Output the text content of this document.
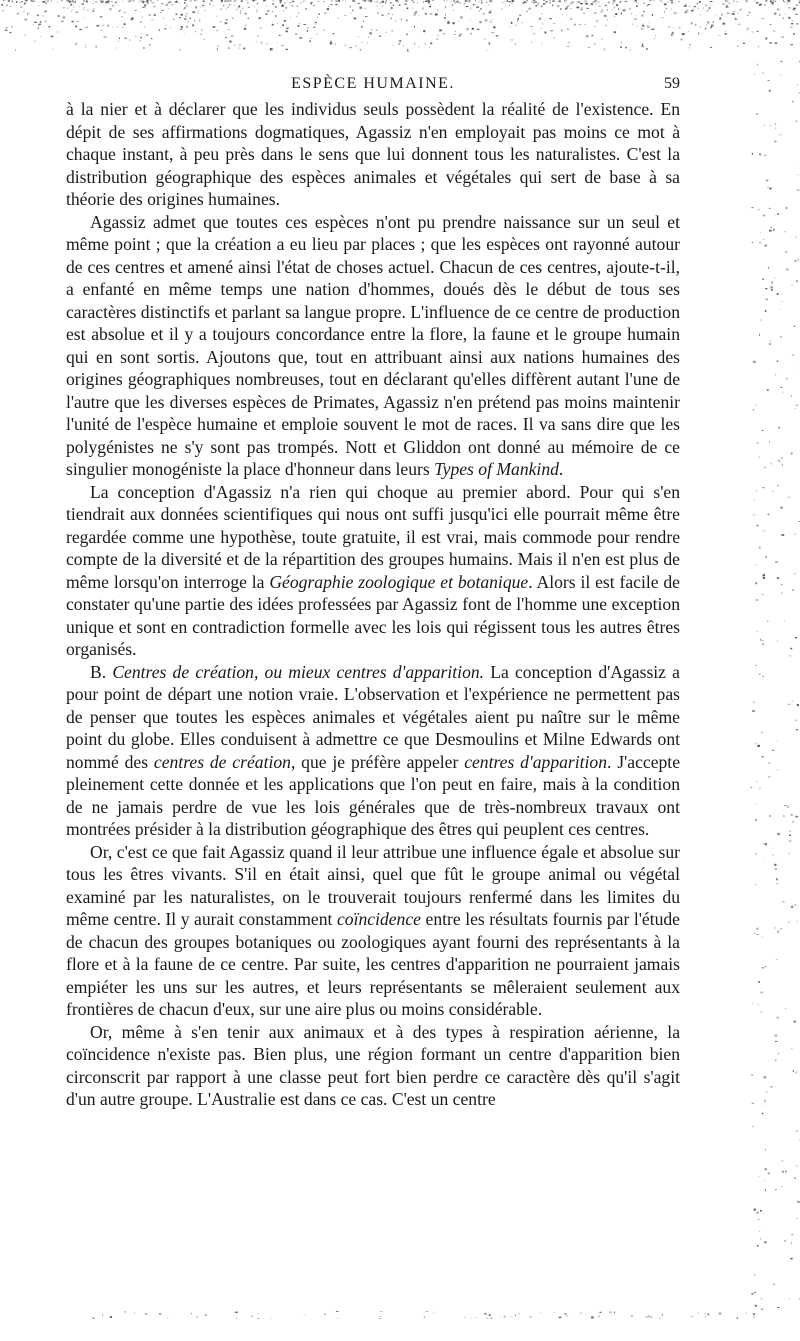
ESPÈCE HUMAINE.	59

à la nier et à déclarer que les individus seuls possèdent la réalité de l'existence. En dépit de ses affirmations dogmatiques, Agassiz n'en employait pas moins ce mot à chaque instant, à peu près dans le sens que lui donnent tous les naturalistes. C'est la distribution géographique des espèces animales et végétales qui sert de base à sa théorie des origines humaines.

Agassiz admet que toutes ces espèces n'ont pu prendre naissance sur un seul et même point ; que la création a eu lieu par places ; que les espèces ont rayonné autour de ces centres et amené ainsi l'état de choses actuel. Chacun de ces centres, ajoute-t-il, a enfanté en même temps une nation d'hommes, doués dès le début de tous ses caractères distinctifs et parlant sa langue propre. L'influence de ce centre de production est absolue et il y a toujours concordance entre la flore, la faune et le groupe humain qui en sont sortis. Ajoutons que, tout en attribuant ainsi aux nations humaines des origines géographiques nombreuses, tout en déclarant qu'elles diffèrent autant l'une de l'autre que les diverses espèces de Primates, Agassiz n'en prétend pas moins maintenir l'unité de l'espèce humaine et emploie souvent le mot de races. Il va sans dire que les polygénistes ne s'y sont pas trompés. Nott et Gliddon ont donné au mémoire de ce singulier monogéniste la place d'honneur dans leurs Types of Mankind.

La conception d'Agassiz n'a rien qui choque au premier abord. Pour qui s'en tiendrait aux données scientifiques qui nous ont suffi jusqu'ici elle pourrait même être regardée comme une hypothèse, toute gratuite, il est vrai, mais commode pour rendre compte de la diversité et de la répartition des groupes humains. Mais il n'en est plus de même lorsqu'on interroge la Géographie zoologique et botanique. Alors il est facile de constater qu'une partie des idées professées par Agassiz font de l'homme une exception unique et sont en contradiction formelle avec les lois qui régissent tous les autres êtres organisés.

B. Centres de création, ou mieux centres d'apparition. La conception d'Agassiz a pour point de départ une notion vraie. L'observation et l'expérience ne permettent pas de penser que toutes les espèces animales et végétales aient pu naître sur le même point du globe. Elles conduisent à admettre ce que Desmoulins et Milne Edwards ont nommé des centres de création, que je préfère appeler centres d'apparition. J'accepte pleinement cette donnée et les applications que l'on peut en faire, mais à la condition de ne jamais perdre de vue les lois générales que de très-nombreux travaux ont montrées présider à la distribution géographique des êtres qui peuplent ces centres.

Or, c'est ce que fait Agassiz quand il leur attribue une influence égale et absolue sur tous les êtres vivants. S'il en était ainsi, quel que fût le groupe animal ou végétal examiné par les naturalistes, on le trouverait toujours renfermé dans les limites du même centre. Il y aurait constamment coïncidence entre les résultats fournis par l'étude de chacun des groupes botaniques ou zoologiques ayant fourni des représentants à la flore et à la faune de ce centre. Par suite, les centres d'apparition ne pourraient jamais empiéter les uns sur les autres, et leurs représentants se mêleraient seulement aux frontières de chacun d'eux, sur une aire plus ou moins considérable.

Or, même à s'en tenir aux animaux et à des types à respiration aérienne, la coïncidence n'existe pas. Bien plus, une région formant un centre d'apparition bien circonscrit par rapport à une classe peut fort bien perdre ce caractère dès qu'il s'agit d'un autre groupe. L'Australie est dans ce cas. C'est un centre
